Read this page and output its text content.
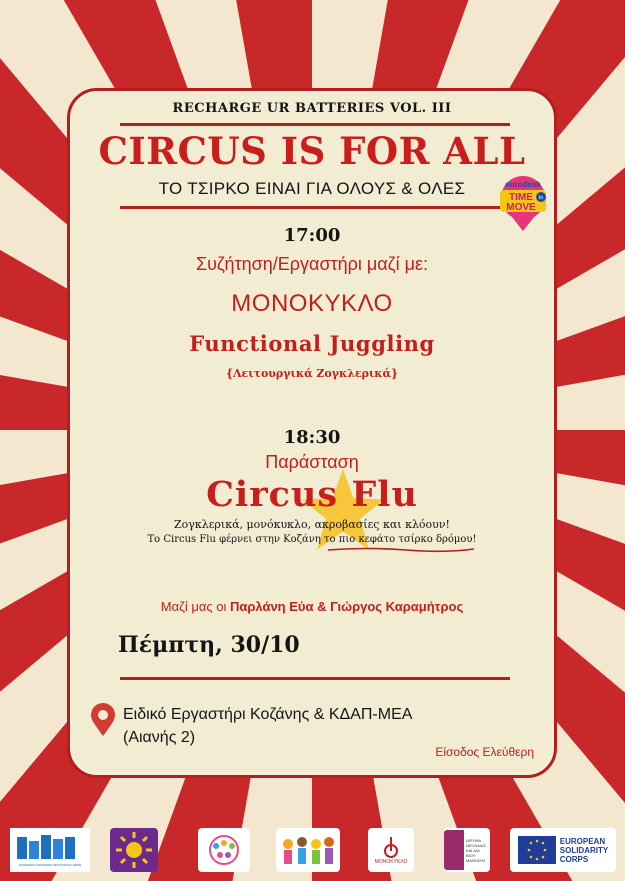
RECHARGE UR BATTERIES VOL. III
CIRCUS IS FOR ALL
ΤΟ ΤΣΙΡΚΟ ΕΙΝΑΙ ΓΙΑ ΟΛΟΥΣ & ΟΛΕΣ	eurodesk
TIME
MOVE
to
17:00
Συζήτηση/Εργαστήρι μαζί με:
ΜΟΝΟΚΥΚΛΟ
Functional Juggling
{Λειτουργικά Ζογκλερικά}
18:30
Παράσταση
Circus Flu
Ζογκλερικά, μονόκυκλο, ακροβασίες και κλόουν!
Το Circus Flu φέρνει στην Κοζάνη το πιο κεφάτο τσίρκο δρόμου!
Μαζί μας οι Παρλάνη Εύα & Γιώργος Καραμήτρος
Πέμπτη, 30/10
Ειδικό Εργαστήρι Κοζάνης & ΚΔΑΠ-ΜΕΑ
(Αιανής 2)
Είσοδος Ελεύθερη
ΚΟΙΝΩΝΙΚΗ ΟΡΓΑΝΩΣΗ ΠΡΟΣΤΑΣΙΑΣ ΝΕΩΝ	ΜΟΝΟΚΥΚΛΟ
ΙΔΡΥΜΑ
ΝΕΟΛΑΙΑΣ
ΚΑΙ ΔΙΑ ΒΙΟΥ
ΜΑΘΗΣΗΣ
EUROPEAN
SOLIDARITY
CORPS
